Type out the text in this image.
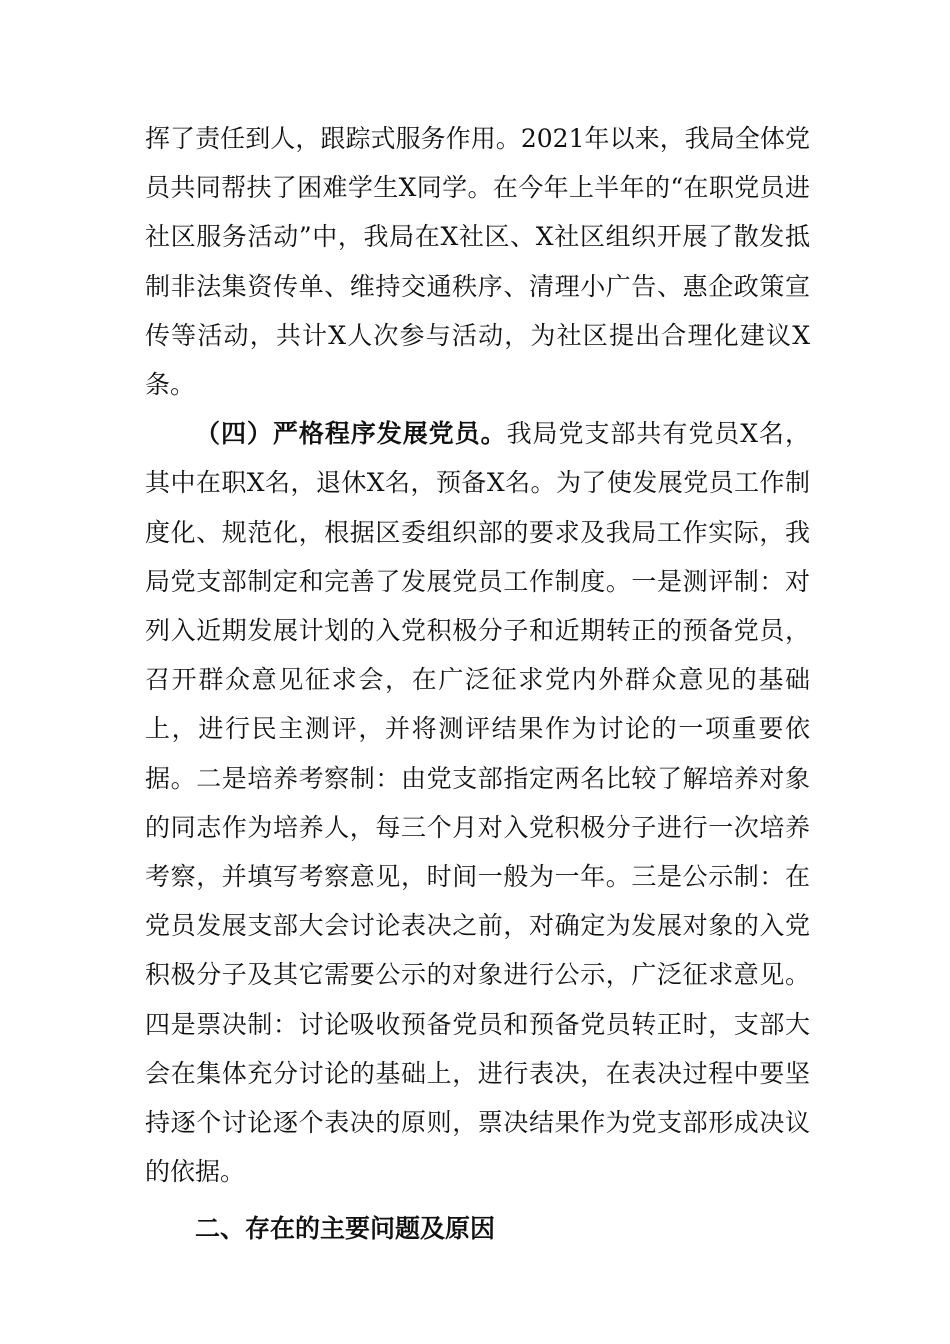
挥了责任到人，跟踪式服务作用。2021年以来，我局全体党员共同帮扶了困难学生X同学。在今年上半年的“在职党员进社区服务活动”中，我局在X社区、X社区组织开展了散发抵制非法集资传单、维持交通秩序、清理小广告、惠企政策宣传等活动，共计X人次参与活动，为社区提出合理化建议X条。

（四）严格程序发展党员。我局党支部共有党员X名，其中在职X名，退休X名，预备X名。为了使发展党员工作制度化、规范化，根据区委组织部的要求及我局工作实际，我局党支部制定和完善了发展党员工作制度。一是测评制：对列入近期发展计划的入党积极分子和近期转正的预备党员，召开群众意见征求会，在广泛征求党内外群众意见的基础上，进行民主测评，并将测评结果作为讨论的一项重要依据。二是培养考察制：由党支部指定两名比较了解培养对象的同志作为培养人，每三个月对入党积极分子进行一次培养考察，并填写考察意见，时间一般为一年。三是公示制：在党员发展支部大会讨论表决之前，对确定为发展对象的入党积极分子及其它需要公示的对象进行公示，广泛征求意见。四是票决制：讨论吸收预备党员和预备党员转正时，支部大会在集体充分讨论的基础上，进行表决，在表决过程中要坚持逐个讨论逐个表决的原则，票决结果作为党支部形成决议的依据。

二、存在的主要问题及原因
